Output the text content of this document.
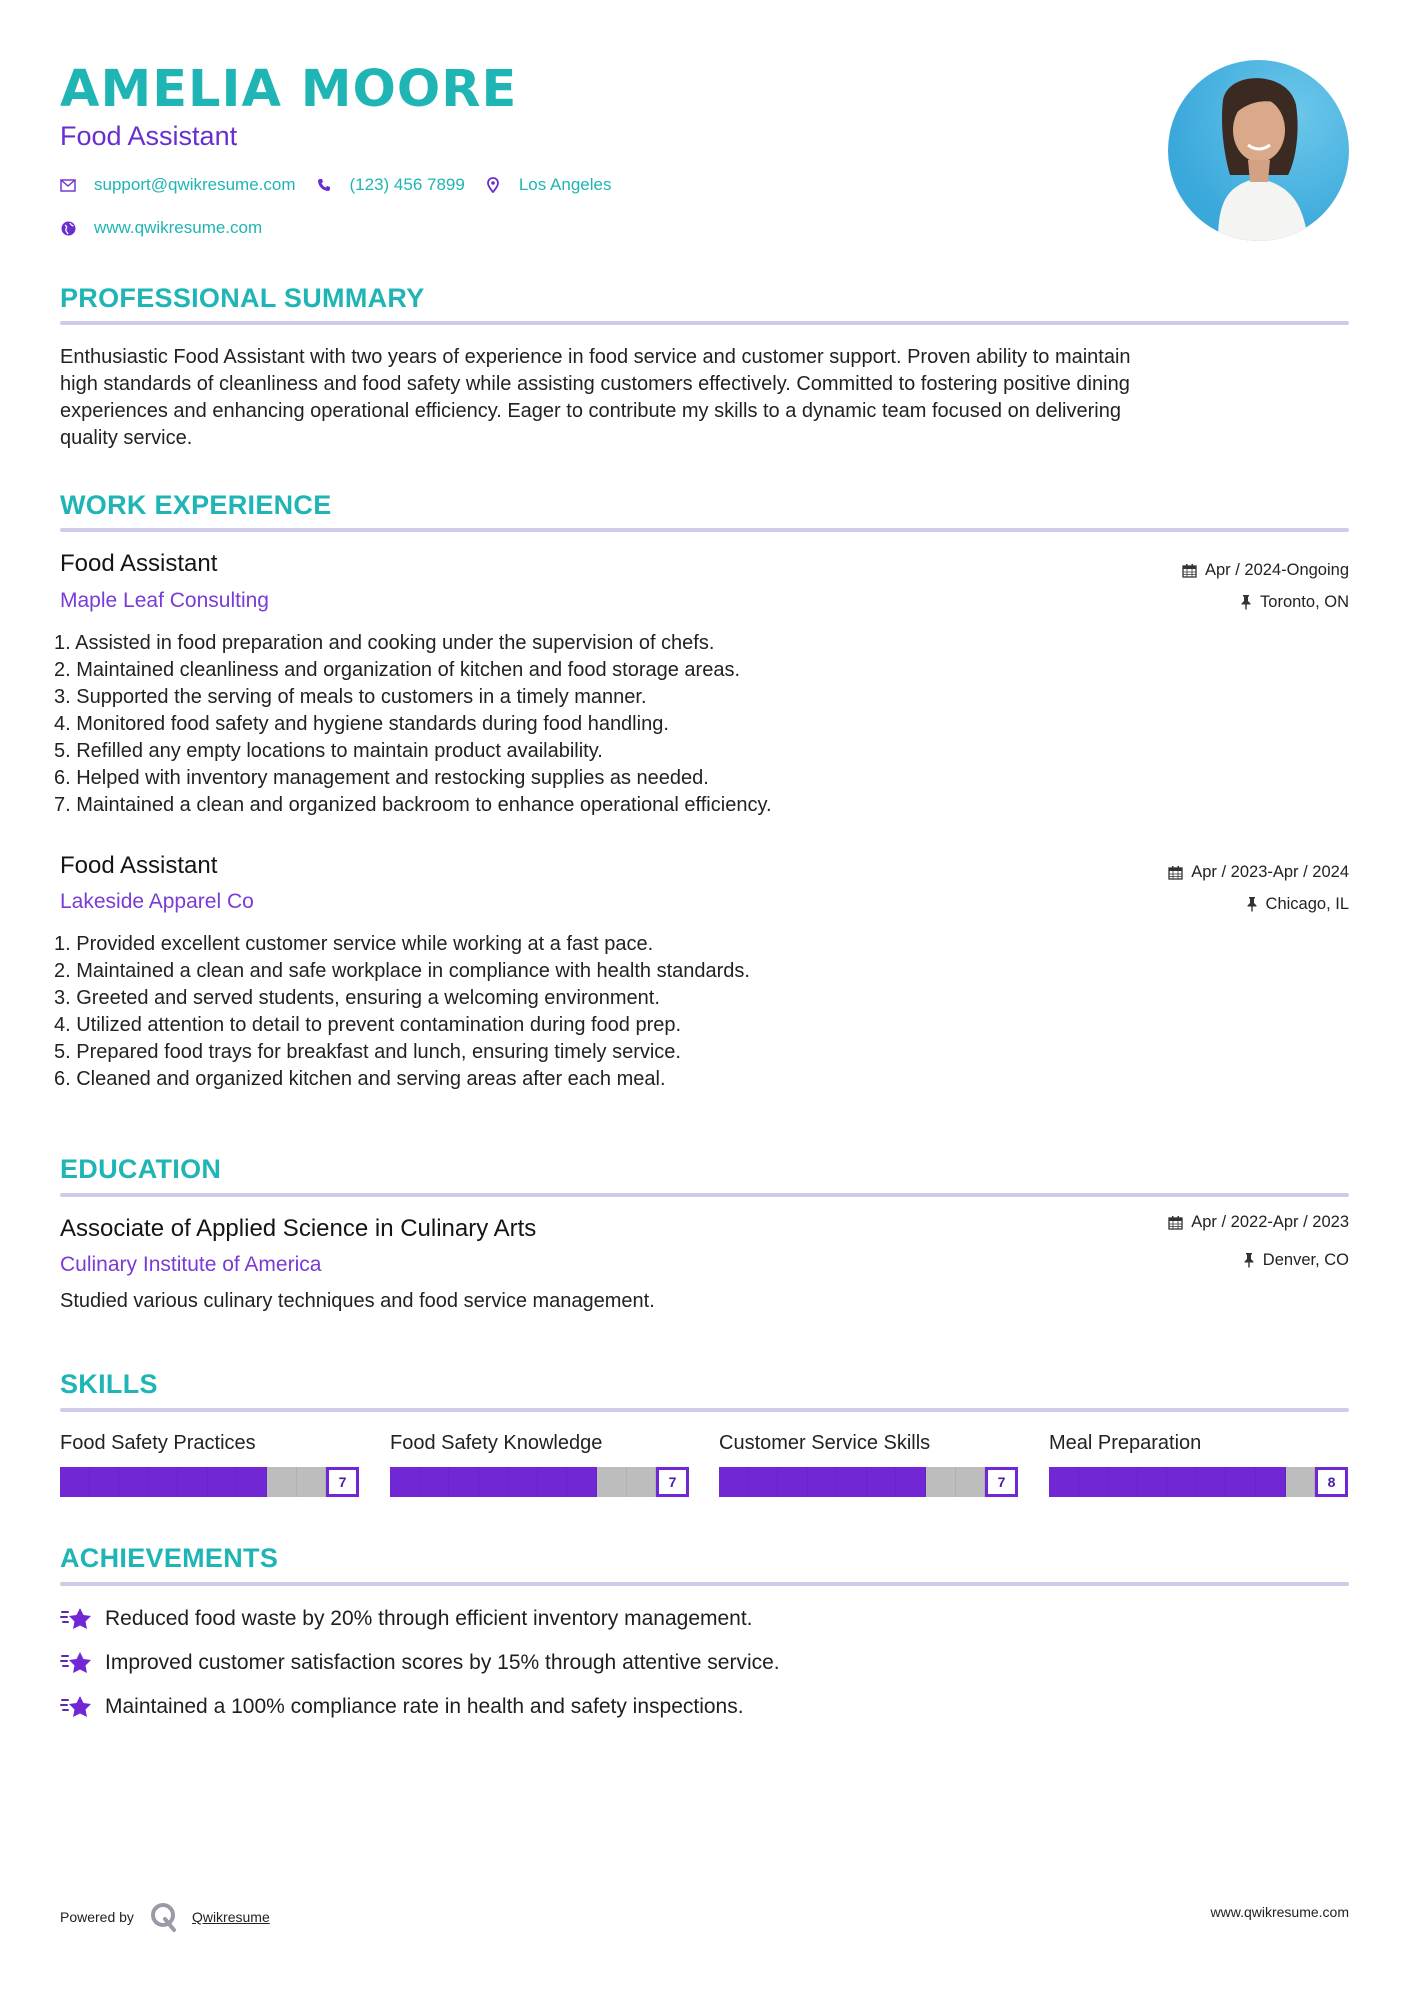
AMELIA MOORE
Food Assistant
support@qwikresume.com	(123) 456 7899	Los Angeles
www.qwikresume.com
PROFESSIONAL SUMMARY
Enthusiastic Food Assistant with two years of experience in food service and customer support. Proven ability to maintain
high standards of cleanliness and food safety while assisting customers effectively. Committed to fostering positive dining
experiences and enhancing operational efficiency. Eager to contribute my skills to a dynamic team focused on delivering
quality service.
WORK EXPERIENCE
Food Assistant
Maple Leaf Consulting
Apr / 2024-Ongoing
Toronto, ON
1. Assisted in food preparation and cooking under the supervision of chefs.
2. Maintained cleanliness and organization of kitchen and food storage areas.
3. Supported the serving of meals to customers in a timely manner.
4. Monitored food safety and hygiene standards during food handling.
5. Refilled any empty locations to maintain product availability.
6. Helped with inventory management and restocking supplies as needed.
7. Maintained a clean and organized backroom to enhance operational efficiency.
Food Assistant
Lakeside Apparel Co
Apr / 2023-Apr / 2024
Chicago, IL
1. Provided excellent customer service while working at a fast pace.
2. Maintained a clean and safe workplace in compliance with health standards.
3. Greeted and served students, ensuring a welcoming environment.
4. Utilized attention to detail to prevent contamination during food prep.
5. Prepared food trays for breakfast and lunch, ensuring timely service.
6. Cleaned and organized kitchen and serving areas after each meal.
EDUCATION
Associate of Applied Science in Culinary Arts
Culinary Institute of America
Apr / 2022-Apr / 2023
Denver, CO
Studied various culinary techniques and food service management.
SKILLS
Food Safety Practices
7
Food Safety Knowledge
7
Customer Service Skills
7
Meal Preparation
8
ACHIEVEMENTS
Reduced food waste by 20% through efficient inventory management.
Improved customer satisfaction scores by 15% through attentive service.
Maintained a 100% compliance rate in health and safety inspections.
Powered by	Qwikresume	www.qwikresume.com
